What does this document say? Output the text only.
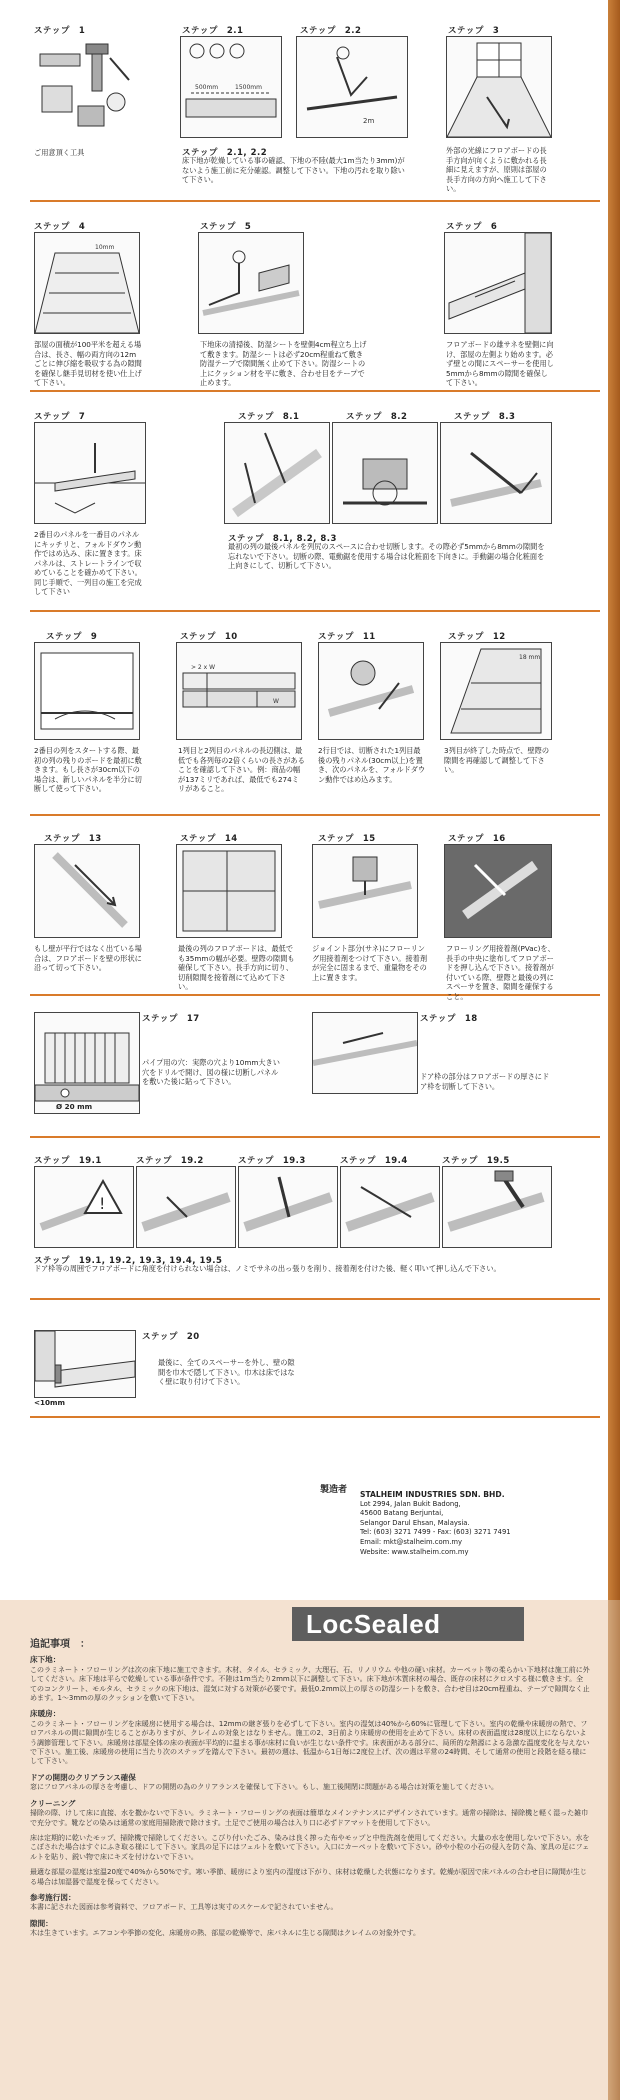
ステップ　1
ご用意頂く工具
ステップ　2.1
500mm	1500mm
ステップ　2.2
2m
ステップ　2.1, 2.2
床下地が乾燥している事の確認、下地の不陸(最大1m当たり3mm)がないよう施工前に充分確認。調整して下さい。下地の汚れを取り除いて下さい。
ステップ　3
外部の光線にフロアボードの長手方向が向くように敷かれる長細に見えますが、原則は部屋の長手方向の方向へ施工して下さい。
ステップ　4
10mm
部屋の面積が100平米を超える場合は、長さ、幅の両方向の12mごとに伸び縮を吸収する為の隙間を確保し継手見切材を使い仕上げて下さい。
ステップ　5
下地床の清掃後、防湿シートを壁側4cm程立ち上げて敷きます。防湿シートは必ず20cm程重ねて敷き防湿テープで隙間無く止めて下さい。防湿シートの上にクッション材を平に敷き、合わせ目をテープで止めます。
ステップ　6
フロアボードの雄サネを壁側に向け、部屋の左側より始めます。必ず壁との間にスペーサーを使用し5mmから8mmの隙間を確保して下さい。
ステップ　7
2番目のパネルを一番目のパネルにキッチリと、フォルドダウン動作ではめ込み、床に置きます。床パネルは、ストレートラインで収めていることを確かめて下さい。同じ手順で、一列目の施工を完成して下さい
ステップ　8.1	ステップ　8.2	ステップ　8.3
ステップ　8.1, 8.2, 8.3
最初の列の最後パネルを列尻のスペースに合わせ切断します。その際必ず5mmから8mmの隙間を忘れないで下さい。切断の際、電動鋸を使用する場合は化粧面を下向きに。手動鋸の場合化粧面を上向きにして、切断して下さい。
ステップ　9
2番目の列をスタートする際、最初の列の残りのボードを最初に敷きます。もし長さが30cm以下の場合は、新しいパネルを半分に切断して使って下さい。
ステップ　10
> 2 x W
W
1列目と2列目のパネルの長辺側は、最低でも各列毎の2倍くらいの長さがあることを確認して下さい。例：商品の幅が137ミリであれば、最低でも274ミリがあること。
ステップ　11
2行目では、切断された1列目最後の残りパネル(30cm以上)を置き、次のパネルを、フォルドダウン動作ではめ込みます。
ステップ　12
18 mm
3列目が終了した時点で、壁際の隙間を再確認して調整して下さい。
ステップ　13
もし壁が平行ではなく出ている場合は、フロアボードを壁の形状に沿って切って下さい。
ステップ　14
最後の列のフロアボードは、最低でも35mmの幅が必要。壁際の隙間も確保して下さい。長手方向に切り、切削隙間を接着剤にて込めて下さい。
ステップ　15
ジョイント部分(サネ)にフローリング用接着剤をつけて下さい。接着剤が完全に固まるまで、重量物をその上に置きます。
ステップ　16
フローリング用接着剤(PVac)を、長手の中央に塗布してフロアボードを押し込んで下さい。接着剤が付いている際、壁際と最後の列にスペーサを置き、隙間を確保すること。
ステップ　17
パイプ用の穴：実際の穴より10mm大きい穴をドリルで開け、図の様に切断しパネルを敷いた後に貼って下さい。
Ø 20 mm
ステップ　18
ドア枠の部分はフロアボードの厚さにドア枠を切断して下さい。
ステップ　19.1
!
ステップ　19.2	ステップ　19.3	ステップ　19.4	ステップ　19.5
ステップ　19.1, 19.2, 19.3, 19.4, 19.5
ドア枠等の周囲でフロアボードに角度を付けられない場合は、ノミでサネの出っ張りを削り、接着剤を付けた後、軽く叩いて押し込んで下さい。
<10mm
ステップ　20
最後に、全てのスペーサーを外し、壁の隙間を巾木で隠して下さい。巾木は床ではなく壁に取り付けて下さい。
製造者 STALHEIM INDUSTRIES SDN. BHD.
Lot 2994, Jalan Bukit Badong,
45600 Batang Berjuntai,
Selangor Darul Ehsan, Malaysia.
Tel: (603) 3271 7499 - Fax: (603) 3271 7491
Email: mkt@stalheim.com.my
Website: www.stalheim.com.my
LocSealed
追記事項　：
床下地：

このラミネート・フローリングは次の床下地に施工できます。木材、タイル、セラミック、大理石、石、リノリウム や他の硬い床材。カーペット等の柔らかい下地材は施工前に外してください。床下地は平らで乾燥している事が条件です。不陸は1m当たり2mm以下に調整して下さい。床下地が木質床材の場合、既存の床材にクロスする様に敷きます。全てのコンクリート、モルタル、セラミックの床下地は、湿気に対する対策が必要です。最低0.2mm以上の厚さの防湿シートを敷き、合わせ目は20cm程重ね、テープで隙間なく止めます。1〜3mmの厚のクッションを敷いて下さい。

床暖房：

このラミネート・フローリングを床暖房に使用する場合は、12mmの継ぎ張りを必ずして下さい。室内の湿気は40%から60%に管理して下さい。室内の乾燥や床暖房の熱で、フロアパネルの間に隙間が生じることがありますが、クレイムの対象とはなりません。施工の2、3日前より床暖房の使用を止めて下さい。床材の表面温度は28度以上にならないよう調節管理して下さい。床暖房は部屋全体の床の表面が平均的に温まる事が床材に負いが生じない条件です。床表面がある部分に、局所的な熱源による急激な温度変化を与えないで下さい。施工後、床暖房の使用に当たり次のステップを踏んで下さい。最初の週は、低温から1日毎に2度位上げ、次の週は平常の24時間、そして通常の使用と段階を経る様にして下さい。

ドアの開閉のクリアランス確保

窓にフロアパネルの厚さを考慮し、ドアの開閉の為のクリアランスを確保して下さい。もし、施工後開閉に問題がある場合は対策を施してください。

クリーニング

掃除の際、けして床に直接、水を撒かないで下さい。ラミネート・フローリングの表面は簡単なメインテナンスにデザインされています。通常の掃除は、掃除機と軽く湿った雑巾で充分です。靴などの染みは通常の家庭用掃除液で除けます。土足でご使用の場合は入り口に必ずドアマットを使用して下さい。

床は定期的に乾いたモップ、掃除機で掃除してください。こびり付いたごみ、染みは良く搾った布やモップと中性洗剤を使用してください。大量の水を使用しないで下さい。水をこぼされた場合はすぐにふき取る様にして下さい。家具の足下にはフェルトを敷いて下さい。入口にカーペットを敷いて下さい。砂や小粒の小石の侵入を防ぐ為、家具の足にフェルトを貼り、鋭い物で床にキズを付けないで下さい。

最適な部屋の湿度は室温20度で40%から50%です。寒い季節、暖房により室内の湿度は下がり、床材は乾燥した状態になります。乾燥が原因で床パネルの合わせ目に隙間が生じる場合は加湿器で湿度を保ってください。

参考施行図：

本書に記された図面は参考資料で、フロアボード、工具等は実寸のスケールで記されていません。

隙間：

木は生きています。エアコンや季節の変化、床暖房の熱、部屋の乾燥等で、床パネルに生じる隙間はクレイムの対象外です。
